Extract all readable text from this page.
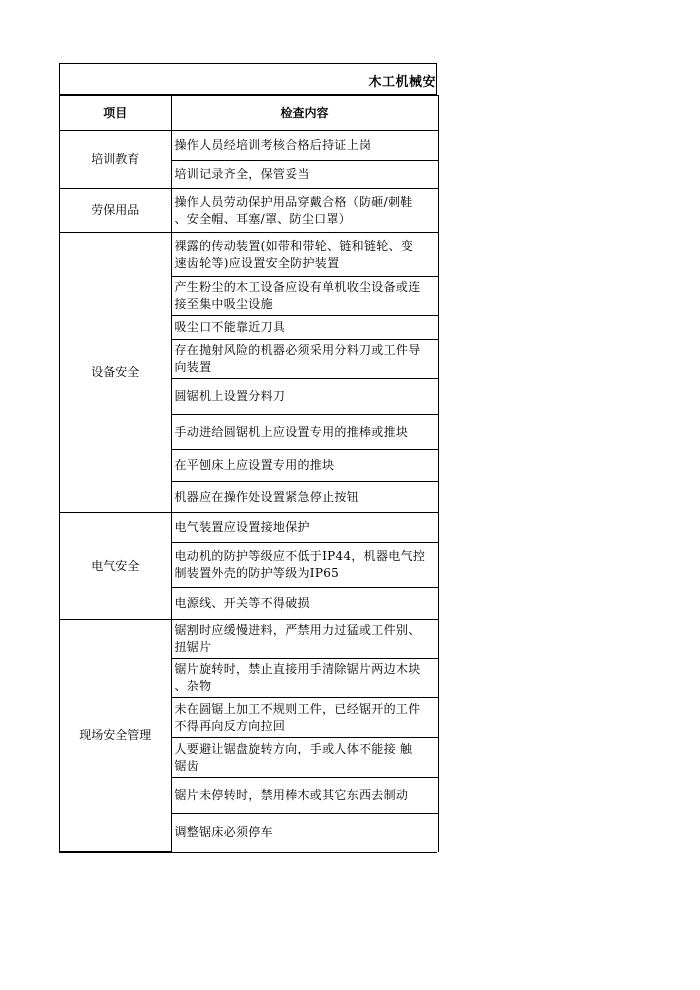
木工机械安
项目	检查内容
培训教育	操作人员经培训考核合格后持证上岗
	培训记录齐全，保管妥当
劳保用品	操作人员劳动保护用品穿戴合格（防砸/刺鞋
、安全帽、耳塞/罩、防尘口罩）
设备安全	裸露的传动装置(如带和带轮、链和链轮、变
速齿轮等)应设置安全防护装置
	产生粉尘的木工设备应设有单机收尘设备或连
接至集中吸尘设施
	吸尘口不能靠近刀具
	存在抛射风险的机器必须采用分料刀或工件导
向装置
	圆锯机上设置分料刀
	手动进给圆锯机上应设置专用的推棒或推块
	在平刨床上应设置专用的推块
	机器应在操作处设置紧急停止按钮
电气安全	电气装置应设置接地保护
	电动机的防护等级应不低于IP44，机器电气控
制装置外壳的防护等级为IP65
	电源线、开关等不得破损
现场安全管理	锯割时应缓慢进料，严禁用力过猛或工件别、
扭锯片
	锯片旋转时，禁止直接用手清除锯片两边木块
、杂物
	未在圆锯上加工不规则工件，已经锯开的工件
不得再向反方向拉回
	人要避让锯盘旋转方向，手或人体不能接 触
锯齿
	锯片未停转时，禁用棒木或其它东西去制动
	调整锯床必须停车
